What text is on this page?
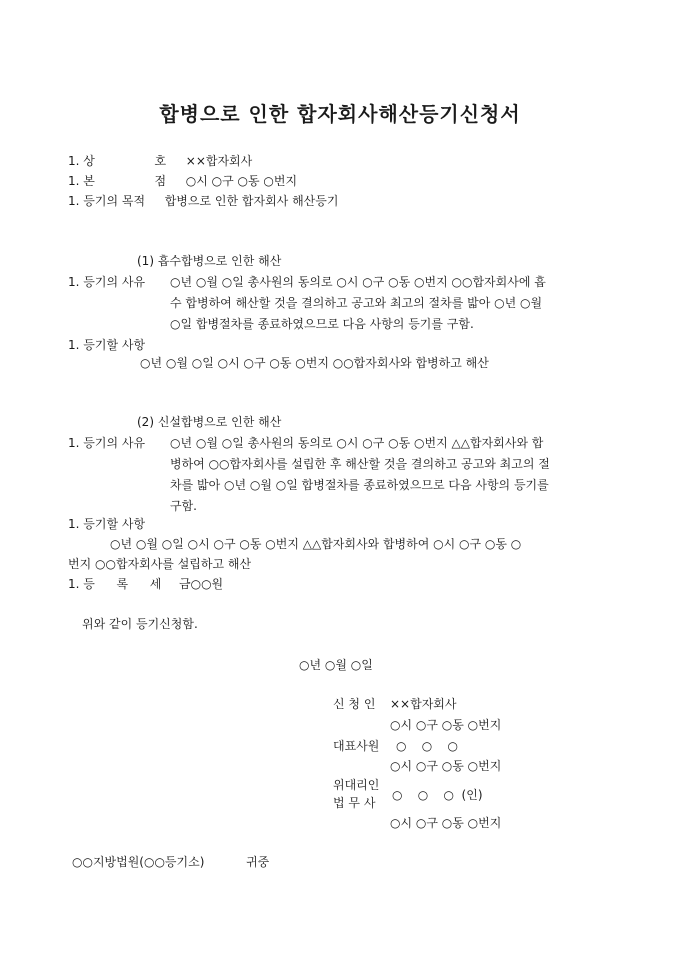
합병으로 인한 합자회사해산등기신청서
1. 상	호 ××합자회사
1. 본	점 ○시 ○구 ○동 ○번지
1. 등기의 목적 합병으로 인한 합자회사 해산등기
(1) 흡수합병으로 인한 해산
1. 등기의 사유 ○년 ○월 ○일 총사원의 동의로 ○시 ○구 ○동 ○번지 ○○합자회사에 흡
수 합병하여 해산할 것을 결의하고 공고와 최고의 절차를 밟아 ○년 ○월
○일 합병절차를 종료하였으므로 다음 사항의 등기를 구함.
1. 등기할 사항
○년 ○월 ○일 ○시 ○구 ○동 ○번지 ○○합자회사와 합병하고 해산
(2) 신설합병으로 인한 해산
1. 등기의 사유 ○년 ○월 ○일 총사원의 동의로 ○시 ○구 ○동 ○번지 △△합자회사와 합
병하여 ○○합자회사를 설립한 후 해산할 것을 결의하고 공고와 최고의 절
차를 밟아 ○년 ○월 ○일 합병절차를 종료하였으므로 다음 사항의 등기를
구함.
1. 등기할 사항
○년 ○월 ○일 ○시 ○구 ○동 ○번지 △△합자회사와 합병하여 ○시 ○구 ○동 ○
번지 ○○합자회사를 설립하고 해산
1. 등 록 세 금○○원
위와 같이 등기신청함.
○년 ○월 ○일
신 청 인 ××합자회사
○시 ○구 ○동 ○번지
대표사원 ○    ○    ○
○시 ○구 ○동 ○번지
위대리인
법 무 사
○    ○    ○  (인)
○시 ○구 ○동 ○번지
○○지방법원(○○등기소)	귀중
